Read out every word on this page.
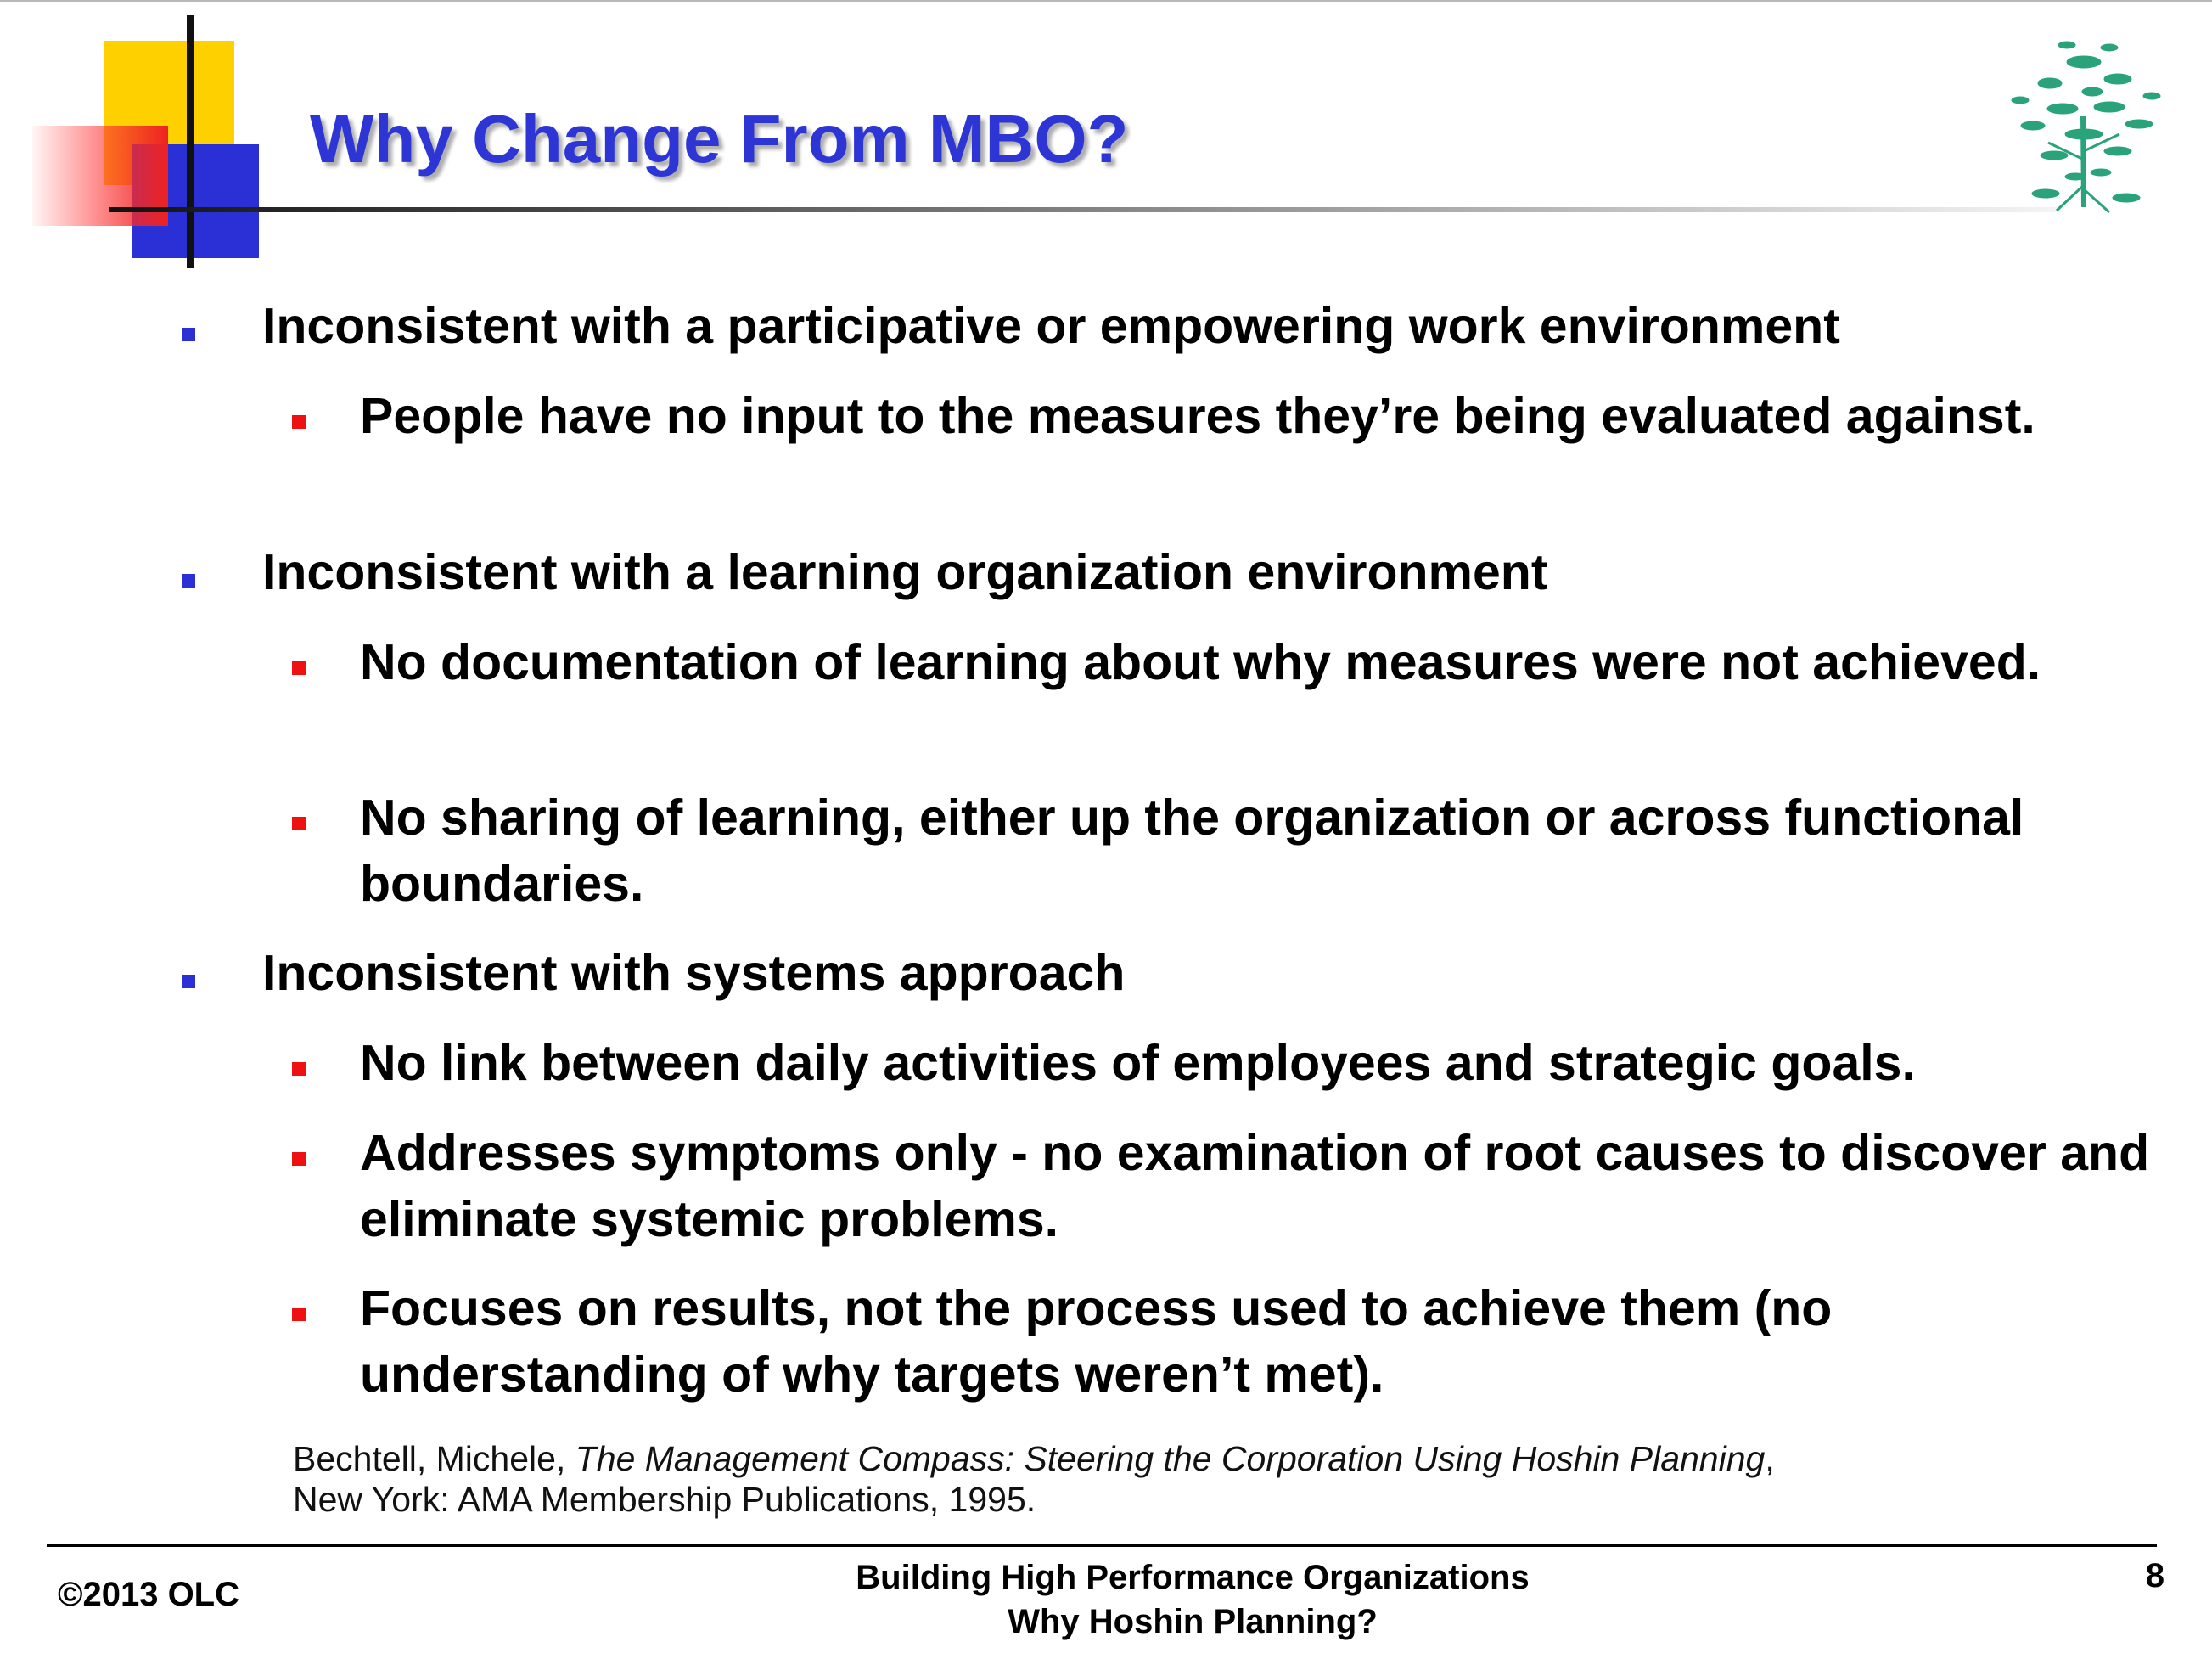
Why Change From MBO?
Inconsistent with a participative or empowering work environment
People have no input to the measures they’re being evaluated against.
Inconsistent with a learning organization environment
No documentation of learning about why measures were not achieved.
No sharing of learning, either up the organization or across functional boundaries.
Inconsistent with systems approach
No link between daily activities of employees and strategic goals.
Addresses symptoms only - no examination of root causes to discover and eliminate systemic problems.
Focuses on results, not the process used to achieve them (no understanding of why targets weren’t met).
Bechtell, Michele, The Management Compass: Steering the Corporation Using Hoshin Planning,
New York: AMA Membership Publications, 1995.
©2013 OLC	Building High Performance Organizations
Why Hoshin Planning?
8
